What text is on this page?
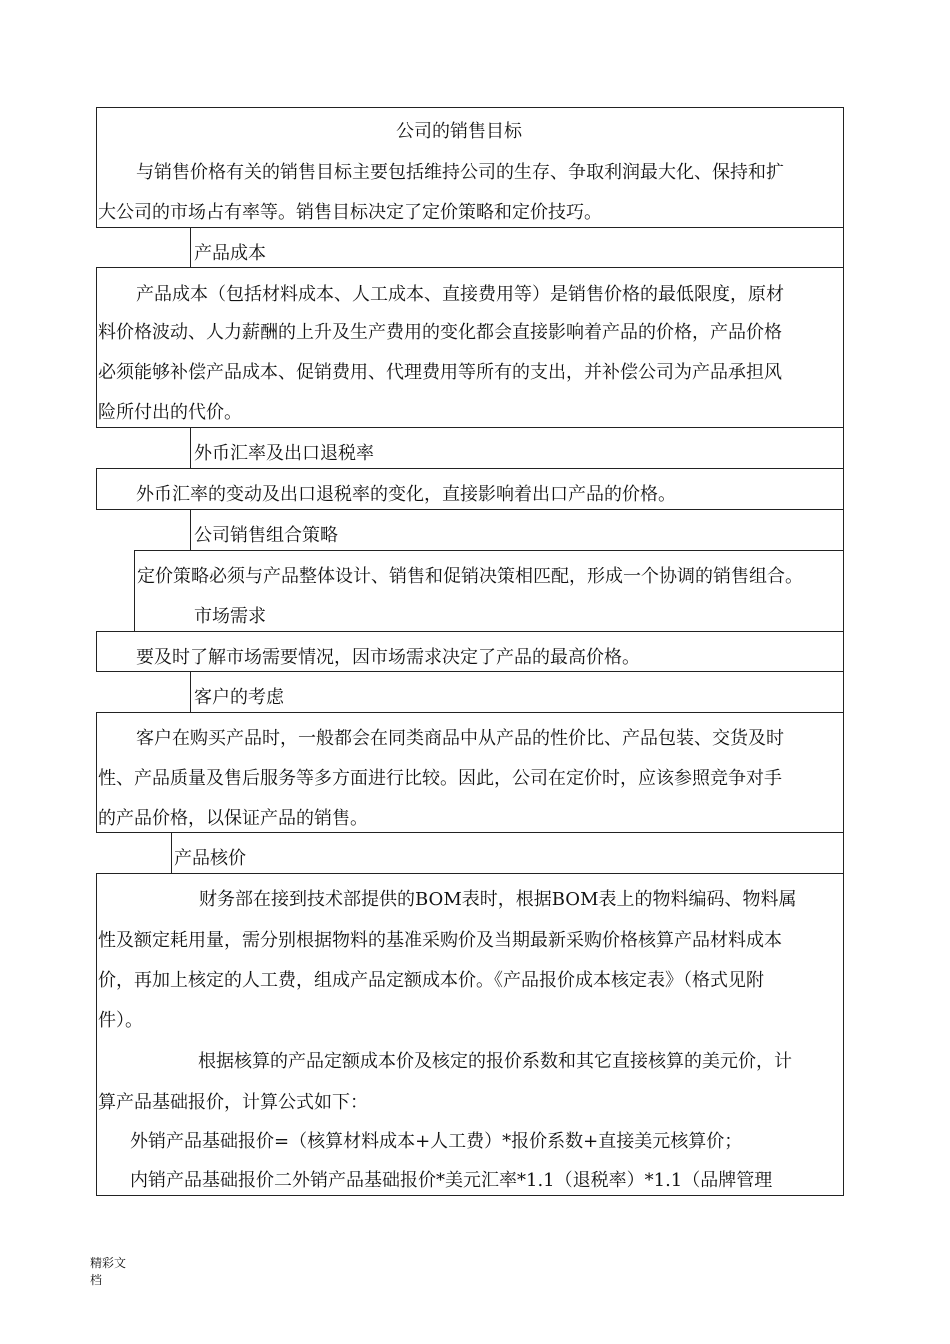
公司的销售目标
与销售价格有关的销售目标主要包括维持公司的生存、争取利润最大化、保持和扩
大公司的市场占有率等。销售目标决定了定价策略和定价技巧。
产品成本
产品成本（包括材料成本、人工成本、直接费用等）是销售价格的最低限度，原材
料价格波动、人力薪酬的上升及生产费用的变化都会直接影响着产品的价格，产品价格
必须能够补偿产品成本、促销费用、代理费用等所有的支出，并补偿公司为产品承担风
险所付出的代价。
外币汇率及出口退税率
外币汇率的变动及出口退税率的变化，直接影响着出口产品的价格。
公司销售组合策略
定价策略必须与产品整体设计、销售和促销决策相匹配，形成一个协调的销售组合。
市场需求
要及时了解市场需要情况，因市场需求决定了产品的最高价格。
客户的考虑
客户在购买产品时，一般都会在同类商品中从产品的性价比、产品包装、交货及时
性、产品质量及售后服务等多方面进行比较。因此，公司在定价时，应该参照竞争对手
的产品价格，以保证产品的销售。
产品核价
财务部在接到技术部提供的BOM表时，根据BOM表上的物料编码、物料属
性及额定耗用量，需分别根据物料的基准采购价及当期最新采购价格核算产品材料成本
价，再加上核定的人工费，组成产品定额成本价。《产品报价成本核定表》（格式见附
件）。
根据核算的产品定额成本价及核定的报价系数和其它直接核算的美元价，计
算产品基础报价，计算公式如下：
外销产品基础报价=（核算材料成本+人工费）*报价系数+直接美元核算价；
内销产品基础报价二外销产品基础报价*美元汇率*1.1（退税率）*1.1（品牌管理
精彩文
档
